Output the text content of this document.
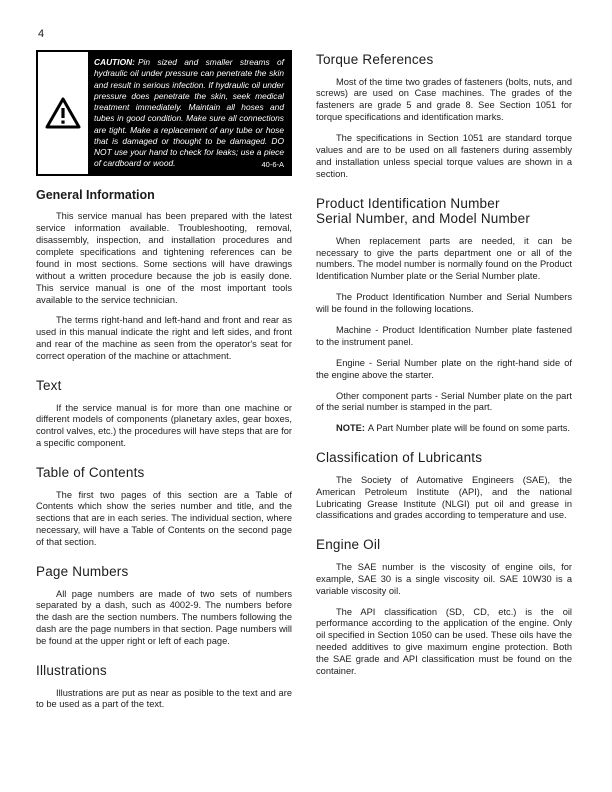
4
CAUTION: Pin sized and smaller streams of hydraulic oil under pressure can penetrate the skin and result in serious infection. If hydraulic oil under pressure does penetrate the skin, seek medical treatment immediately. Maintain all hoses and tubes in good condition. Make sure all connections are tight. Make a replacement of any tube or hose that is damaged or thought to be damaged. DO NOT use your hand to check for leaks; use a piece of cardboard or wood.	40-6-A
General Information

This service manual has been prepared with the latest service information available. Troubleshooting, removal, disassembly, inspection, and installation procedures and complete specifications and tightening references can be found in most sections. Some sections will have drawings without a written procedure because the job is easily done. This service manual is one of the most important tools available to the service technician.

The terms right-hand and left-hand and front and rear as used in this manual indicate the right and left sides, and front and rear of the machine as seen from the operator's seat for correct operation of the machine or attachment.

Text

If the service manual is for more than one machine or different models of components (planetary axles, gear boxes, control valves, etc.) the procedures will have steps that are for a specific component.

Table of Contents

The first two pages of this section are a Table of Contents which show the series number and title, and the sections that are in each series. The individual section, where necessary, will have a Table of Contents on the second page of that section.

Page Numbers

All page numbers are made of two sets of numbers separated by a dash, such as 4002-9. The numbers before the dash are the section numbers. The numbers following the dash are the page numbers in that section. Page numbers will be found at the upper right or left of each page.

Illustrations

Illustrations are put as near as posible to the text and are to be used as a part of the text.

Torque References

Most of the time two grades of fasteners (bolts, nuts, and screws) are used on Case machines. The grades of the fasteners are grade 5 and grade 8. See Section 1051 for torque specifications and identification marks.

The specifications in Section 1051 are standard torque values and are to be used on all fasteners during assembly and installation unless special torque values are shown in a section.

Product Identification Number
Serial Number, and Model Number

When replacement parts are needed, it can be necessary to give the parts department one or all of the numbers. The model number is normally found on the Product Identification Number plate or the Serial Number plate.

The Product Identification Number and Serial Numbers will be found in the following locations.

Machine - Product Identification Number plate fastened to the instrument panel.

Engine - Serial Number plate on the right-hand side of the engine above the starter.

Other component parts - Serial Number plate on the part of the serial number is stamped in the part.

NOTE: A Part Number plate will be found on some parts.

Classification of Lubricants

The Society of Automative Engineers (SAE), the American Petroleum Institute (API), and the national Lubricating Grease Institute (NLGI) put oil and grease in classifications and grades according to temperature and use.

Engine Oil

The SAE number is the viscosity of engine oils, for example, SAE 30 is a single viscosity oil. SAE 10W30 is a variable viscosity oil.

The API classification (SD, CD, etc.) is the oil performance according to the application of the engine. Only oil specified in Section 1050 can be used. These oils have the needed additives to give maximum engine protection. Both the SAE grade and API classification must be found on the container.
